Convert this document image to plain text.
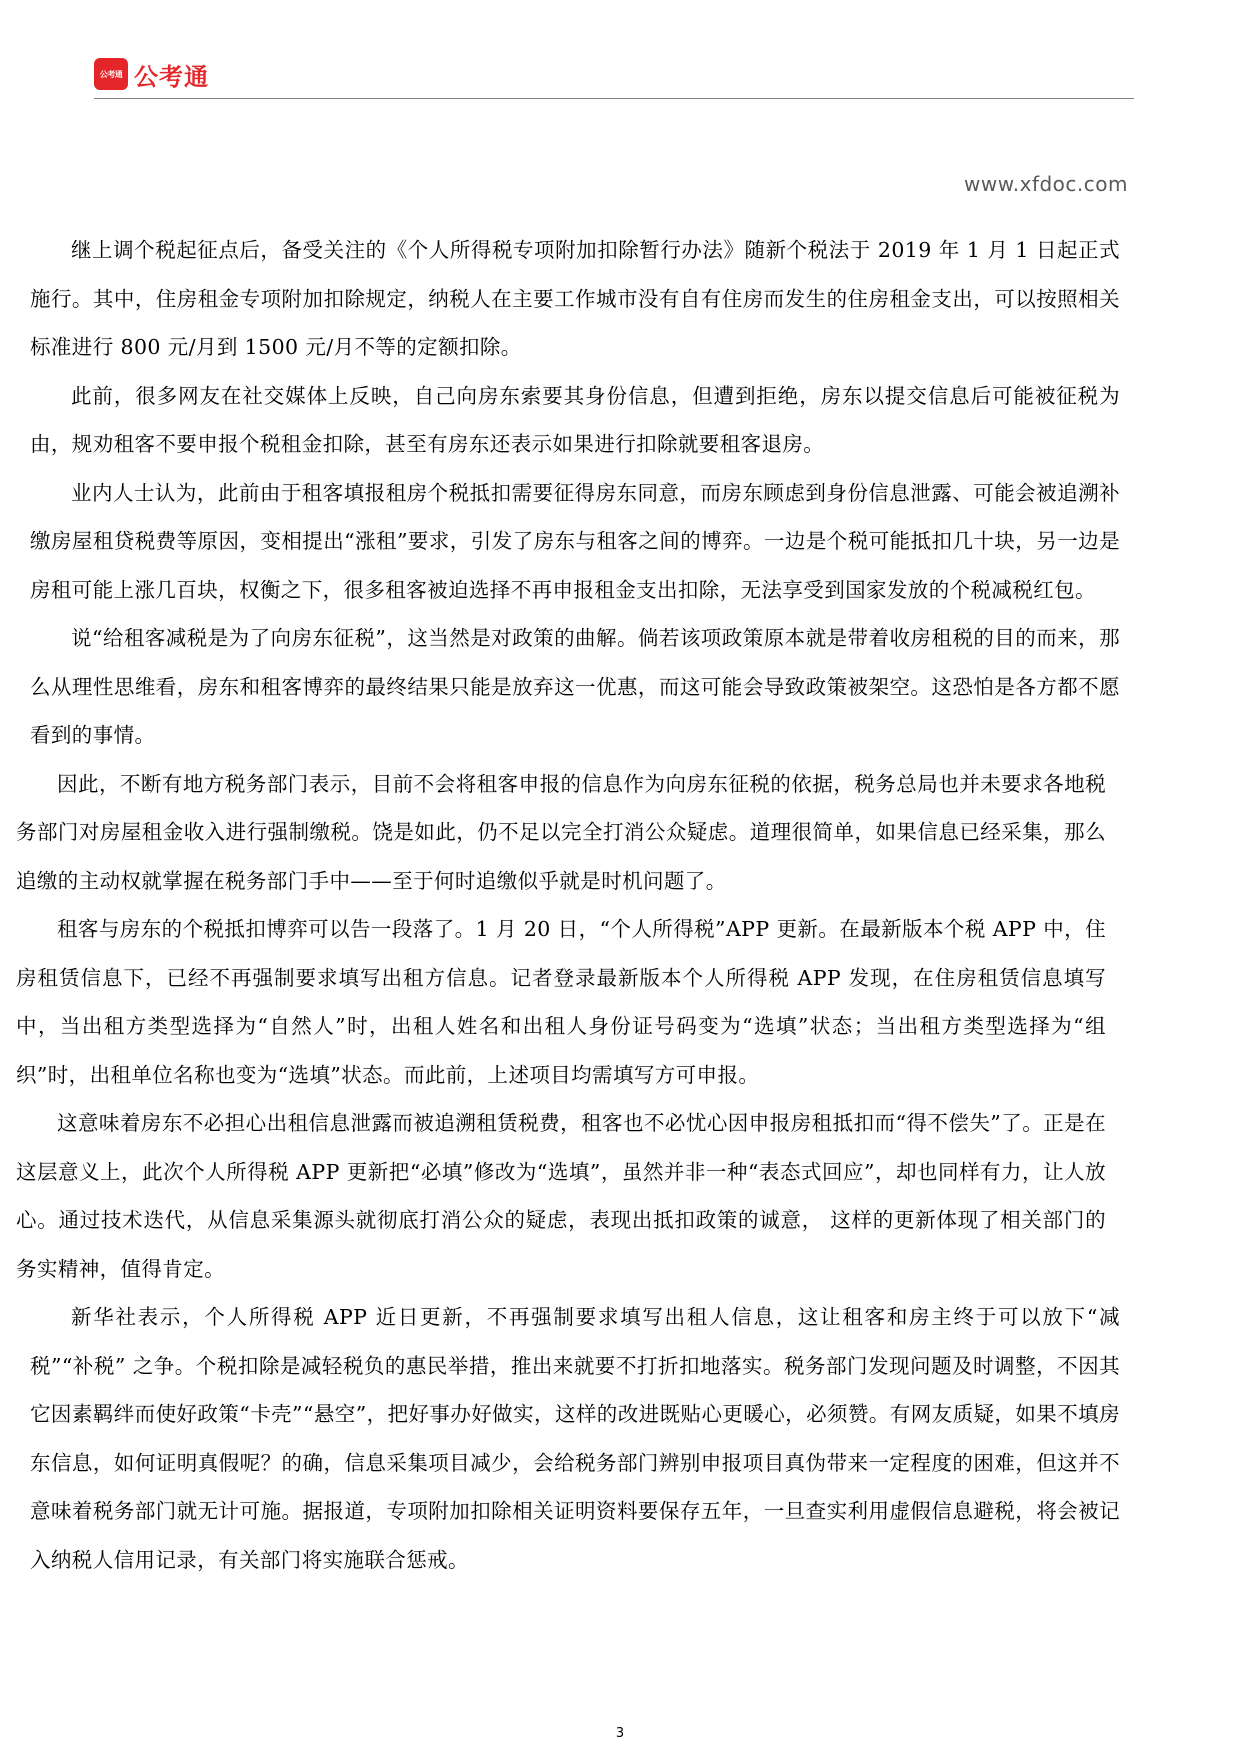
公考通 公考通
www.xfdoc.com

继上调个税起征点后，备受关注的《个人所得税专项附加扣除暂行办法》随新个税法于 2019 年 1 月 1 日起正式施行。其中，住房租金专项附加扣除规定，纳税人在主要工作城市没有自有住房而发生的住房租金支出，可以按照相关标准进行 800 元/月到 1500 元/月不等的定额扣除。

此前，很多网友在社交媒体上反映，自己向房东索要其身份信息，但遭到拒绝，房东以提交信息后可能被征税为由，规劝租客不要申报个税租金扣除，甚至有房东还表示如果进行扣除就要租客退房。

业内人士认为，此前由于租客填报租房个税抵扣需要征得房东同意，而房东顾虑到身份信息泄露、可能会被追溯补缴房屋租贷税费等原因，变相提出“涨租”要求，引发了房东与租客之间的博弈。一边是个税可能抵扣几十块，另一边是房租可能上涨几百块，权衡之下，很多租客被迫选择不再申报租金支出扣除，无法享受到国家发放的个税减税红包。

说“给租客减税是为了向房东征税”，这当然是对政策的曲解。倘若该项政策原本就是带着收房租税的目的而来，那么从理性思维看，房东和租客博弈的最终结果只能是放弃这一优惠，而这可能会导致政策被架空。这恐怕是各方都不愿看到的事情。

因此，不断有地方税务部门表示，目前不会将租客申报的信息作为向房东征税的依据，税务总局也并未要求各地税务部门对房屋租金收入进行强制缴税。饶是如此，仍不足以完全打消公众疑虑。道理很简单，如果信息已经采集，那么追缴的主动权就掌握在税务部门手中——至于何时追缴似乎就是时机问题了。

租客与房东的个税抵扣博弈可以告一段落了。1 月 20 日，“个人所得税”APP 更新。在最新版本个税 APP 中，住房租赁信息下，已经不再强制要求填写出租方信息。记者登录最新版本个人所得税 APP 发现，在住房租赁信息填写中，当出租方类型选择为“自然人”时，出租人姓名和出租人身份证号码变为“选填”状态；当出租方类型选择为“组织”时，出租单位名称也变为“选填”状态。而此前，上述项目均需填写方可申报。

这意味着房东不必担心出租信息泄露而被追溯租赁税费，租客也不必忧心因申报房租抵扣而“得不偿失”了。正是在这层意义上，此次个人所得税 APP 更新把“必填”修改为“选填”，虽然并非一种“表态式回应”，却也同样有力，让人放心。通过技术迭代，从信息采集源头就彻底打消公众的疑虑，表现出抵扣政策的诚意， 这样的更新体现了相关部门的务实精神，值得肯定。

新华社表示，个人所得税 APP 近日更新，不再强制要求填写出租人信息，这让租客和房主终于可以放下“减税”“补税” 之争。个税扣除是减轻税负的惠民举措，推出来就要不打折扣地落实。税务部门发现问题及时调整，不因其它因素羁绊而使好政策“卡壳”“悬空”，把好事办好做实，这样的改进既贴心更暖心，必须赞。有网友质疑，如果不填房东信息，如何证明真假呢？的确，信息采集项目减少，会给税务部门辨别申报项目真伪带来一定程度的困难，但这并不意味着税务部门就无计可施。据报道，专项附加扣除相关证明资料要保存五年，一旦查实利用虚假信息避税，将会被记入纳税人信用记录，有关部门将实施联合惩戒。

3
